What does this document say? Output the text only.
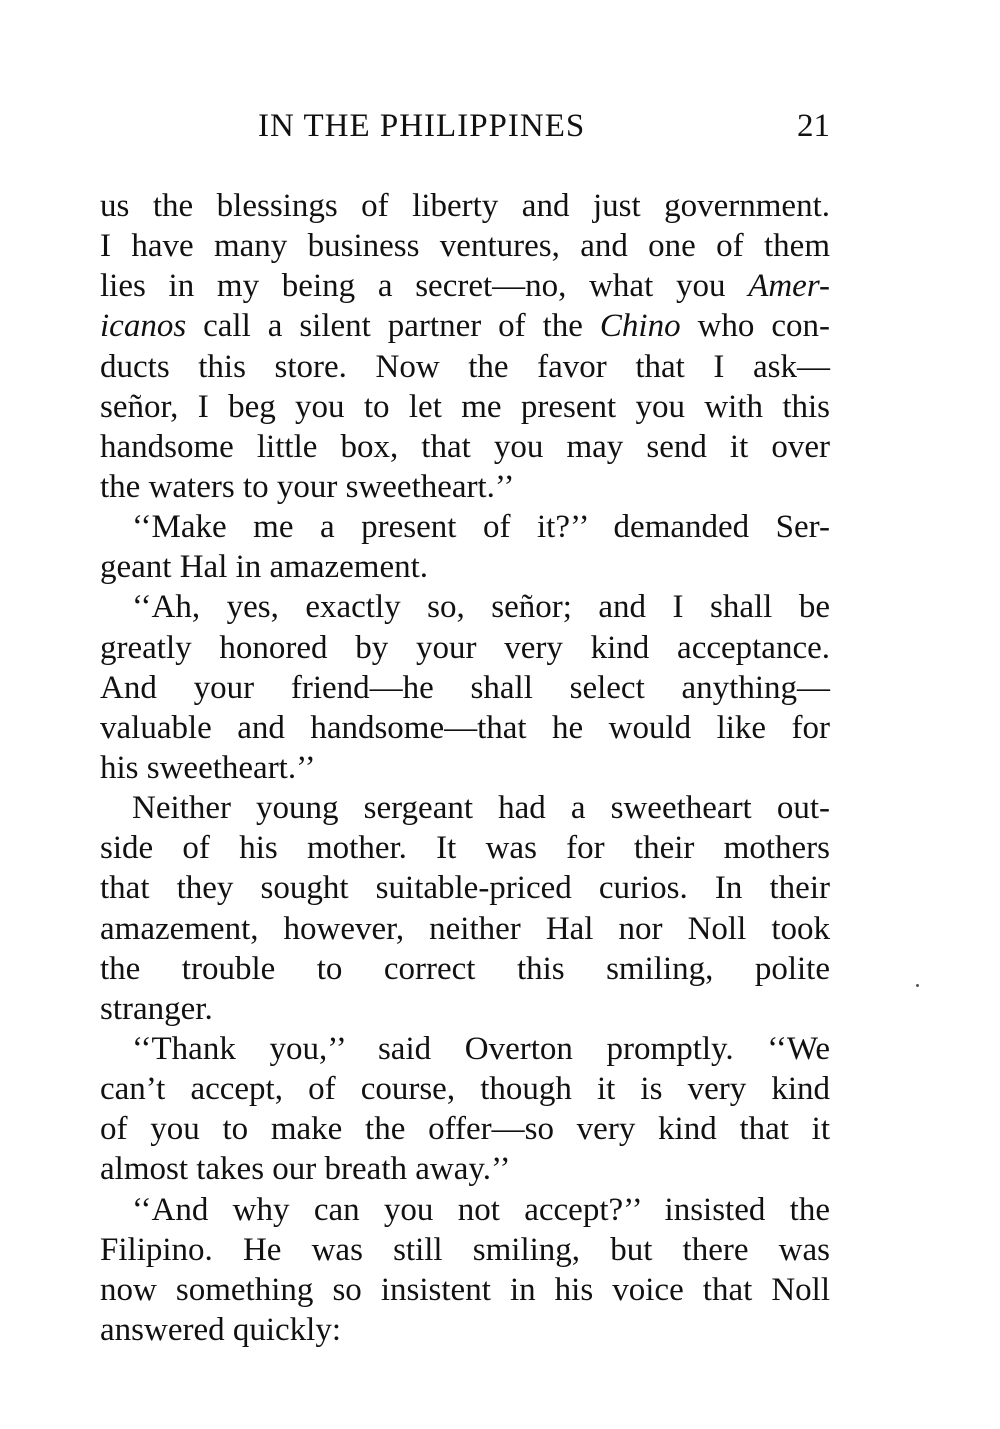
IN THE PHILIPPINES	21
us the blessings of liberty and just government.
I have many business ventures, and one of them
lies in my being a secret—no, what you Amer-
icanos call a silent partner of the Chino who con-
ducts this store. Now the favor that I ask—
señor, I beg you to let me present you with this
handsome little box, that you may send it over
the waters to your sweetheart.’’
‘‘Make me a present of it?’’ demanded Ser-
geant Hal in amazement.
‘‘Ah, yes, exactly so, señor; and I shall be
greatly honored by your very kind acceptance.
And your friend—he shall select anything—
valuable and handsome—that he would like for
his sweetheart.’’
Neither young sergeant had a sweetheart out-
side of his mother. It was for their mothers
that they sought suitable-priced curios. In their
amazement, however, neither Hal nor Noll took
the trouble to correct this smiling, polite
stranger.
‘‘Thank you,’’ said Overton promptly. ‘‘We
can’t accept, of course, though it is very kind
of you to make the offer—so very kind that it
almost takes our breath away.’’
‘‘And why can you not accept?’’ insisted the
Filipino. He was still smiling, but there was
now something so insistent in his voice that Noll
answered quickly:
